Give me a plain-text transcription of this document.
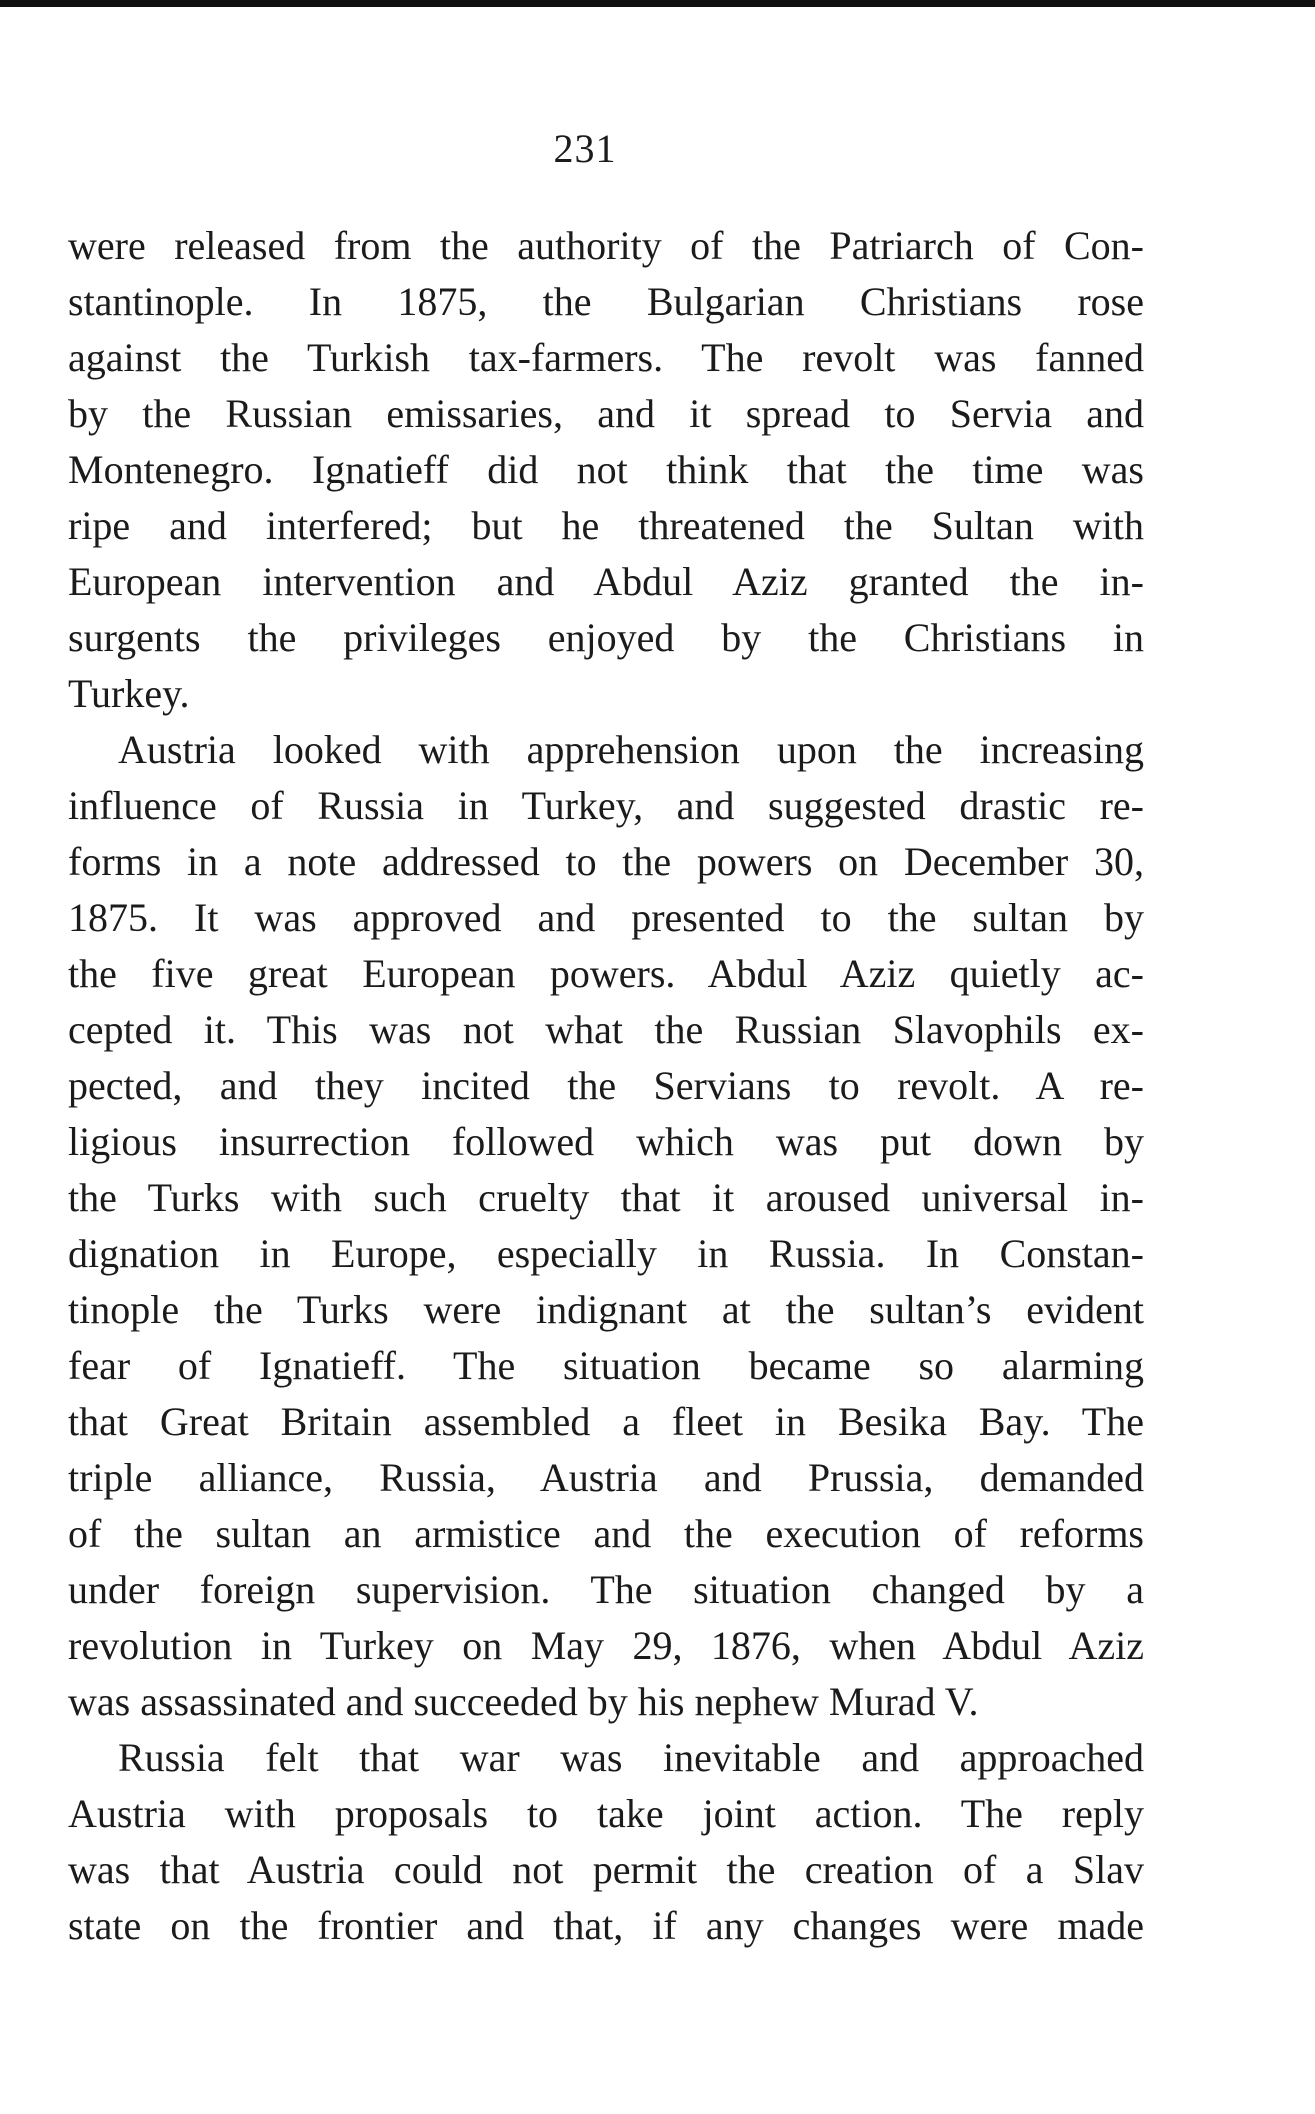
231
were released from the authority of the Patriarch of Con-
stantinople. In 1875, the Bulgarian Christians rose
against the Turkish tax-farmers. The revolt was fanned
by the Russian emissaries, and it spread to Servia and
Montenegro. Ignatieff did not think that the time was
ripe and interfered; but he threatened the Sultan with
European intervention and Abdul Aziz granted the in-
surgents the privileges enjoyed by the Christians in
Turkey.
Austria looked with apprehension upon the increasing
influence of Russia in Turkey, and suggested drastic re-
forms in a note addressed to the powers on December 30,
1875. It was approved and presented to the sultan by
the five great European powers. Abdul Aziz quietly ac-
cepted it. This was not what the Russian Slavophils ex-
pected, and they incited the Servians to revolt. A re-
ligious insurrection followed which was put down by
the Turks with such cruelty that it aroused universal in-
dignation in Europe, especially in Russia. In Constan-
tinople the Turks were indignant at the sultan’s evident
fear of Ignatieff. The situation became so alarming
that Great Britain assembled a fleet in Besika Bay. The
triple alliance, Russia, Austria and Prussia, demanded
of the sultan an armistice and the execution of reforms
under foreign supervision. The situation changed by a
revolution in Turkey on May 29, 1876, when Abdul Aziz
was assassinated and succeeded by his nephew Murad V.
Russia felt that war was inevitable and approached
Austria with proposals to take joint action. The reply
was that Austria could not permit the creation of a Slav
state on the frontier and that, if any changes were made
